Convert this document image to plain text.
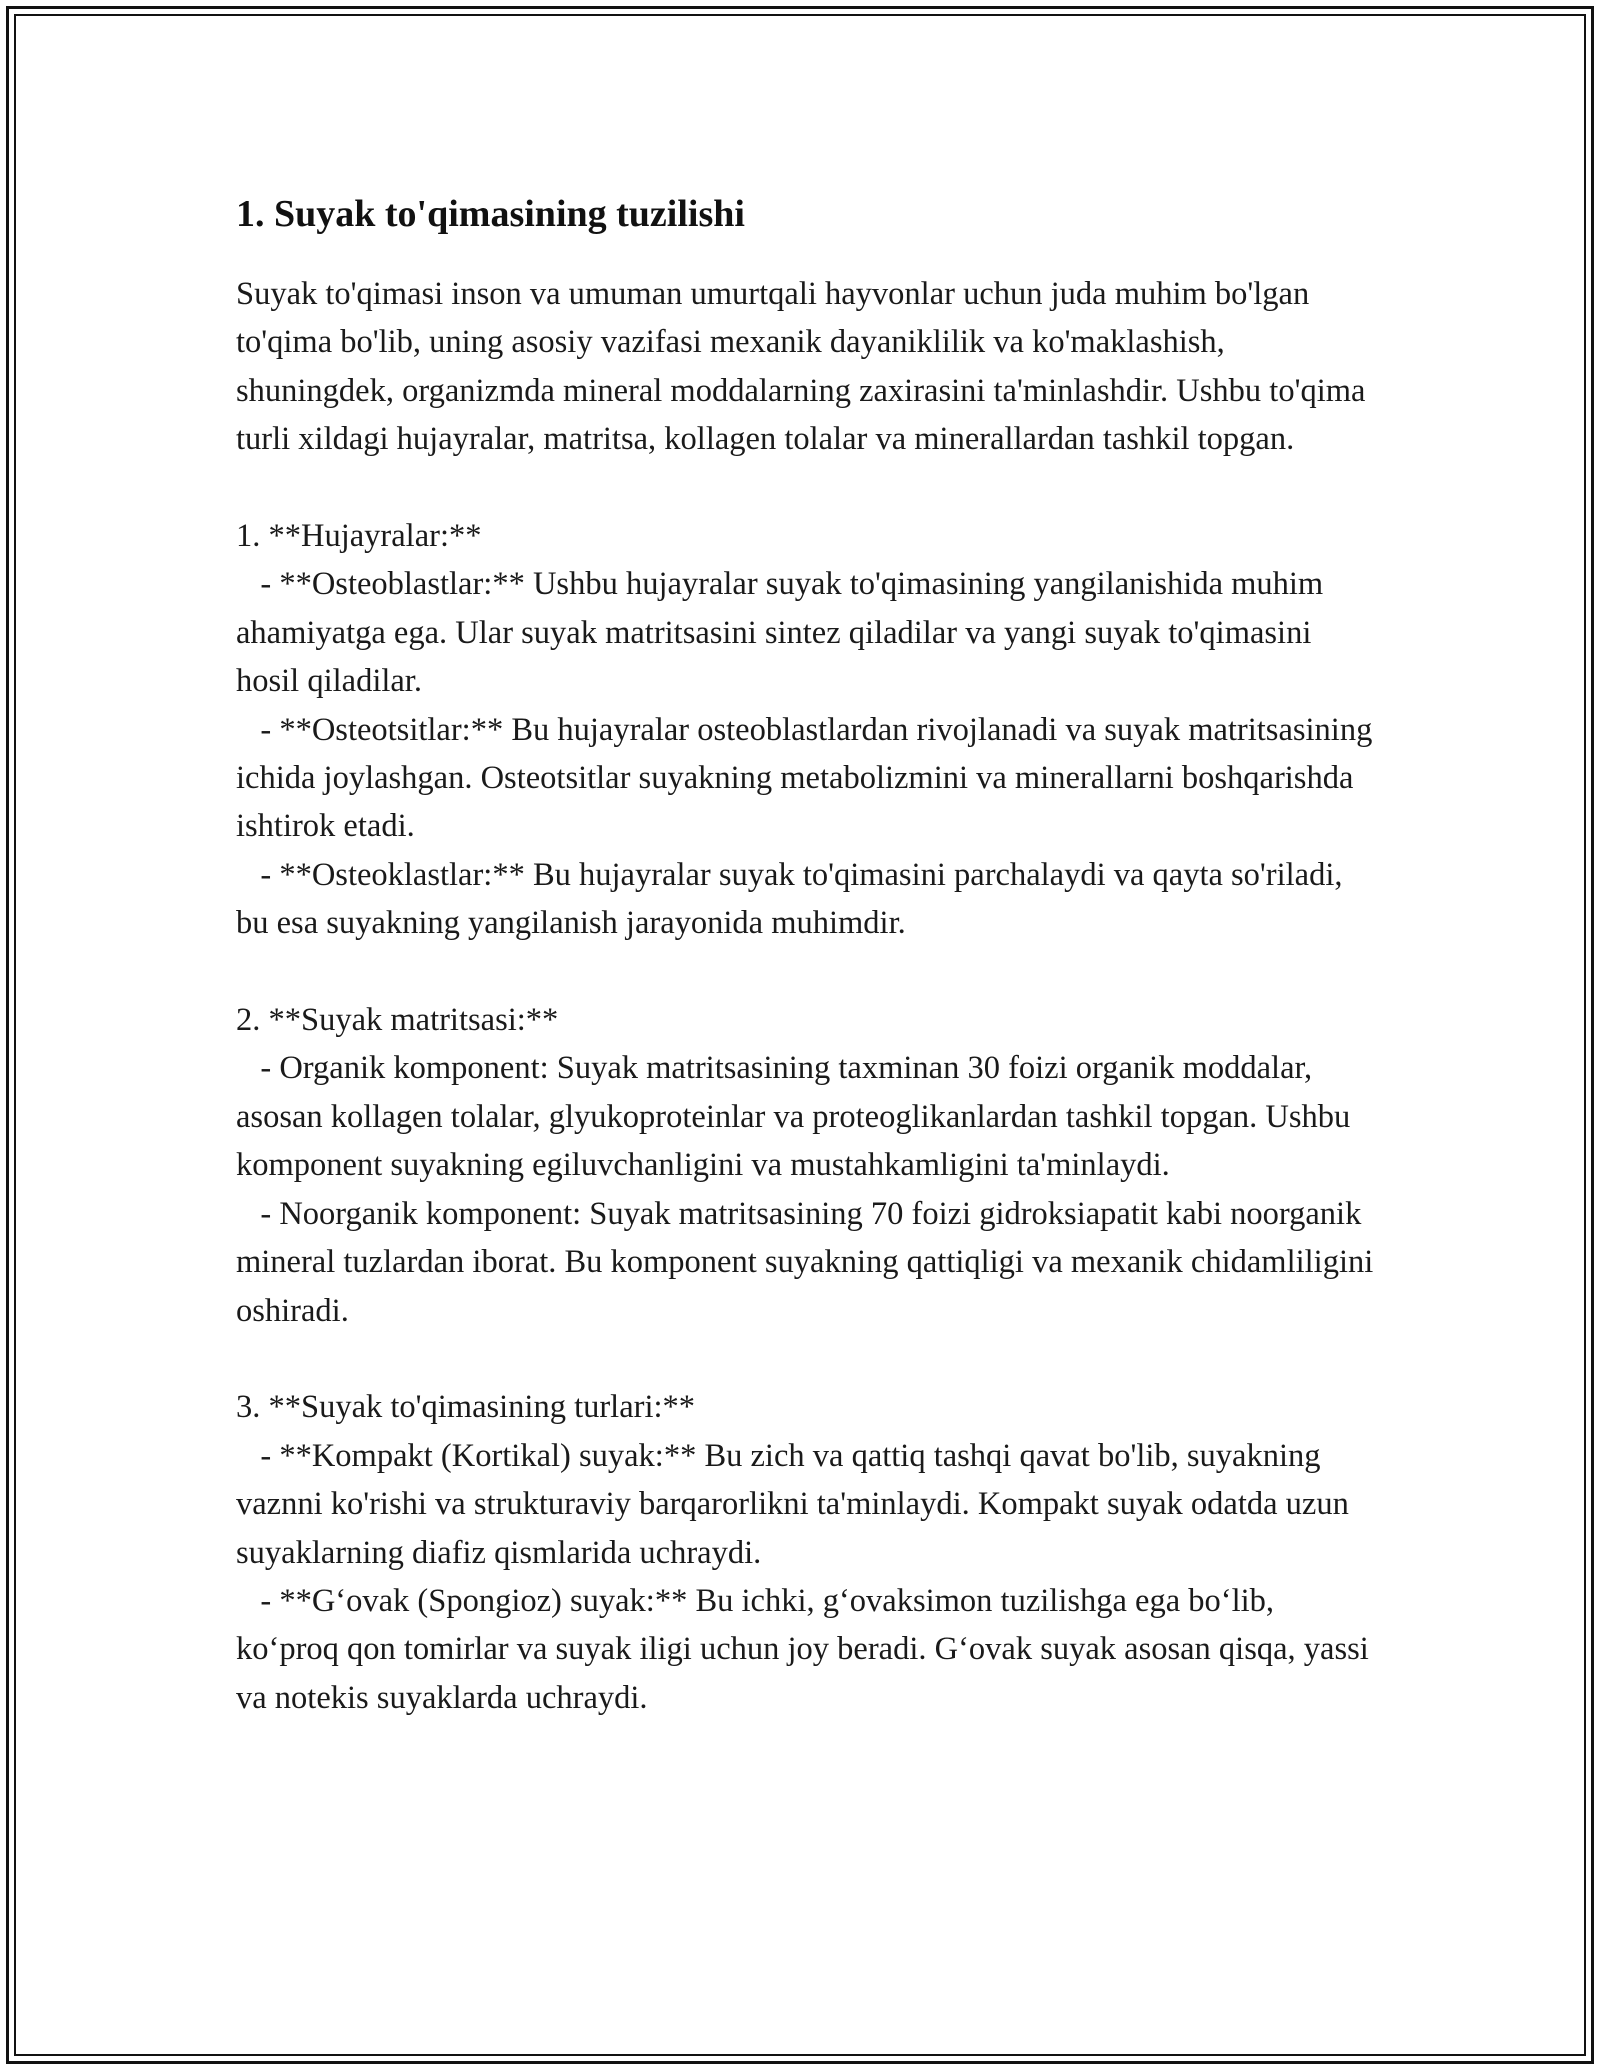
1. Suyak to'qimasining tuzilishi

Suyak to'qimasi inson va umuman umurtqali hayvonlar uchun juda muhim bo'lgan to'qima bo'lib, uning asosiy vazifasi mexanik dayaniklilik va ko'maklashish, shuningdek, organizmda mineral moddalarning zaxirasini ta'minlashdir. Ushbu to'qima turli xildagi hujayralar, matritsa, kollagen tolalar va minerallardan tashkil topgan.

1. **Hujayralar:**
- **Osteoblastlar:** Ushbu hujayralar suyak to'qimasining yangilanishida muhim ahamiyatga ega. Ular suyak matritsasini sintez qiladilar va yangi suyak to'qimasini hosil qiladilar.
- **Osteotsitlar:** Bu hujayralar osteoblastlardan rivojlanadi va suyak matritsasining ichida joylashgan. Osteotsitlar suyakning metabolizmini va minerallarni boshqarishda ishtirok etadi.
- **Osteoklastlar:** Bu hujayralar suyak to'qimasini parchalaydi va qayta so'riladi, bu esa suyakning yangilanish jarayonida muhimdir.

2. **Suyak matritsasi:**
- Organik komponent: Suyak matritsasining taxminan 30 foizi organik moddalar, asosan kollagen tolalar, glyukoproteinlar va proteoglikanlardan tashkil topgan. Ushbu komponent suyakning egiluvchanligini va mustahkamligini ta'minlaydi.
- Noorganik komponent: Suyak matritsasining 70 foizi gidroksiapatit kabi noorganik mineral tuzlardan iborat. Bu komponent suyakning qattiqligi va mexanik chidamliligini oshiradi.

3. **Suyak to'qimasining turlari:**
- **Kompakt (Kortikal) suyak:** Bu zich va qattiq tashqi qavat bo'lib, suyakning vaznni ko'rishi va strukturaviy barqarorlikni ta'minlaydi. Kompakt suyak odatda uzun suyaklarning diafiz qismlarida uchraydi.
- **G‘ovak (Spongioz) suyak:** Bu ichki, g‘ovaksimon tuzilishga ega bo‘lib, ko‘proq qon tomirlar va suyak iligi uchun joy beradi. G‘ovak suyak asosan qisqa, yassi va notekis suyaklarda uchraydi.
